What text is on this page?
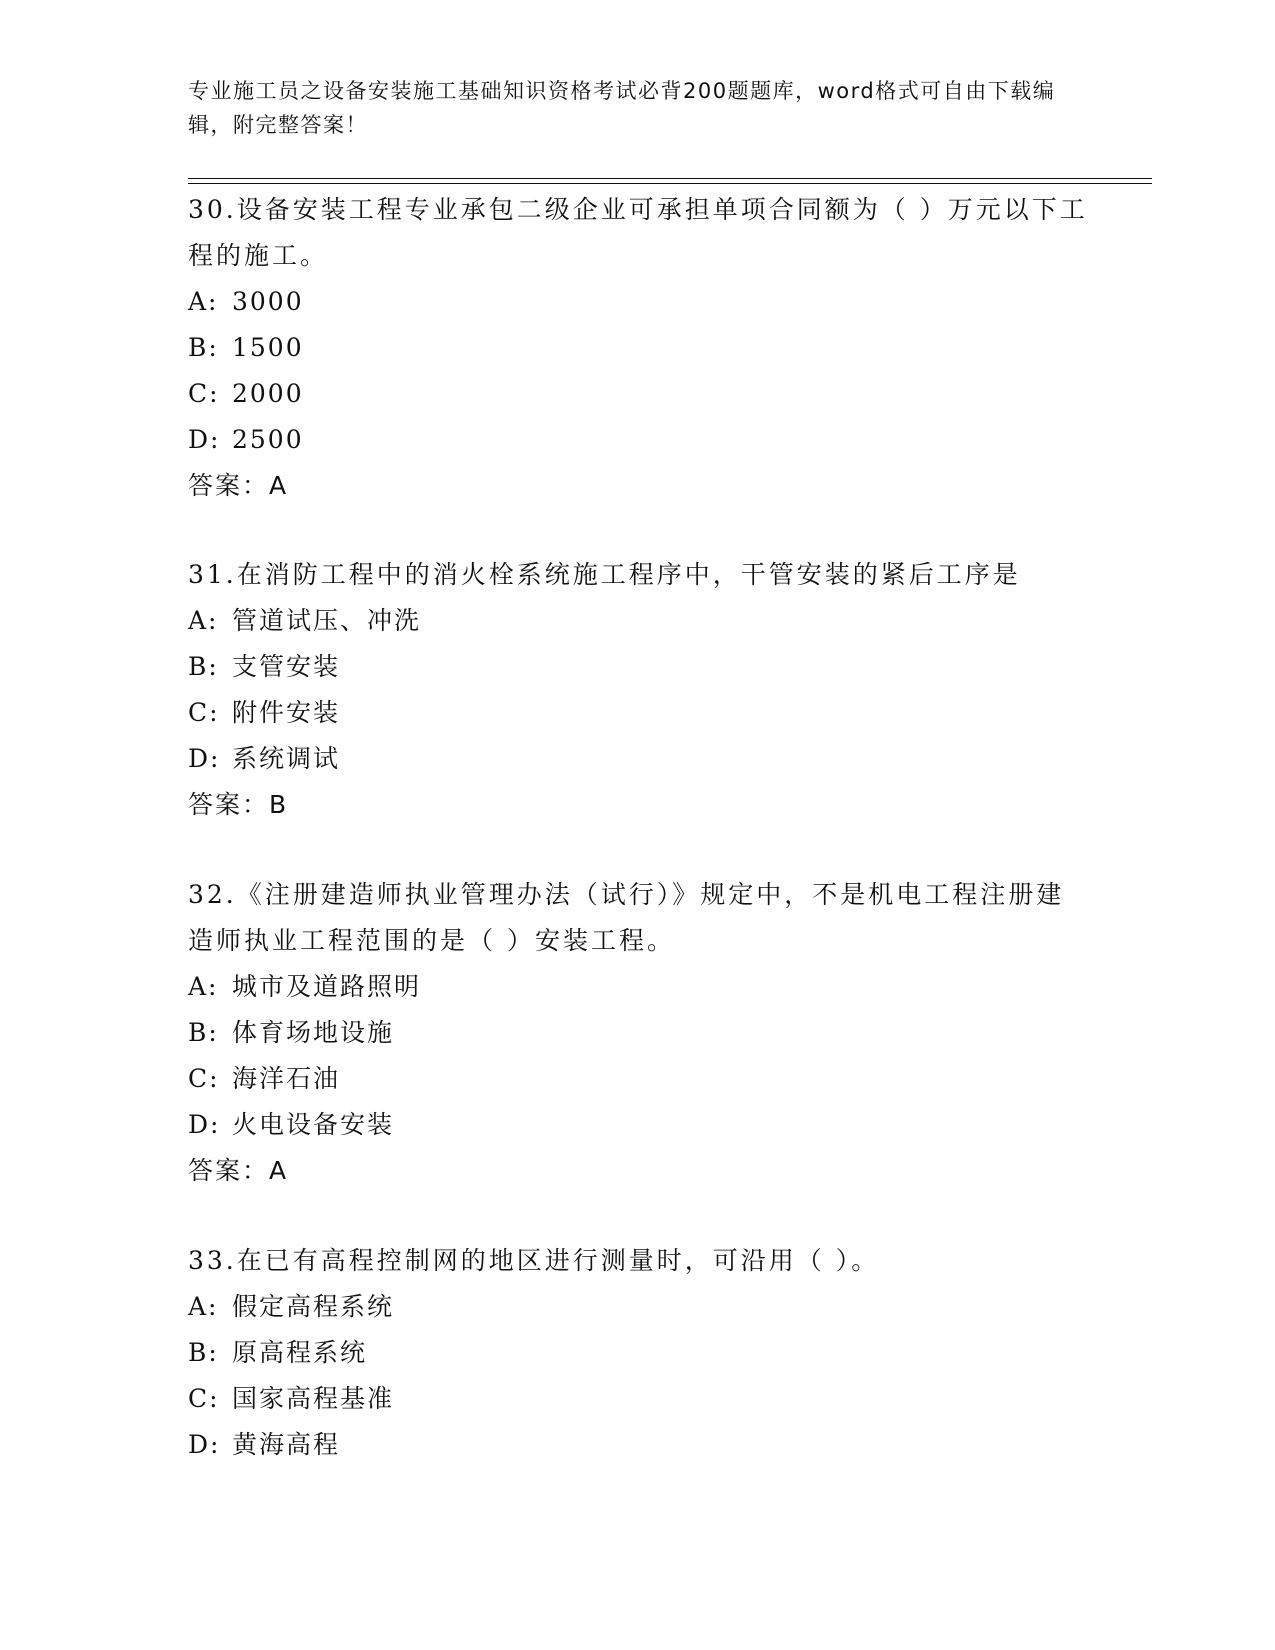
专业施工员之设备安装施工基础知识资格考试必背200题题库，word格式可自由下载编辑，附完整答案！

30.设备安装工程专业承包二级企业可承担单项合同额为（ ）万元以下工程的施工。

A: 3000

B: 1500

C: 2000

D: 2500

答案：A

31.在消防工程中的消火栓系统施工程序中，干管安装的紧后工序是

A: 管道试压、冲洗

B: 支管安装

C: 附件安装

D: 系统调试

答案：B

32.《注册建造师执业管理办法（试行）》规定中，不是机电工程注册建造师执业工程范围的是（ ）安装工程。

A: 城市及道路照明

B: 体育场地设施

C: 海洋石油

D: 火电设备安装

答案：A

33.在已有高程控制网的地区进行测量时，可沿用（ ）。

A: 假定高程系统

B: 原高程系统

C: 国家高程基准

D: 黄海高程
